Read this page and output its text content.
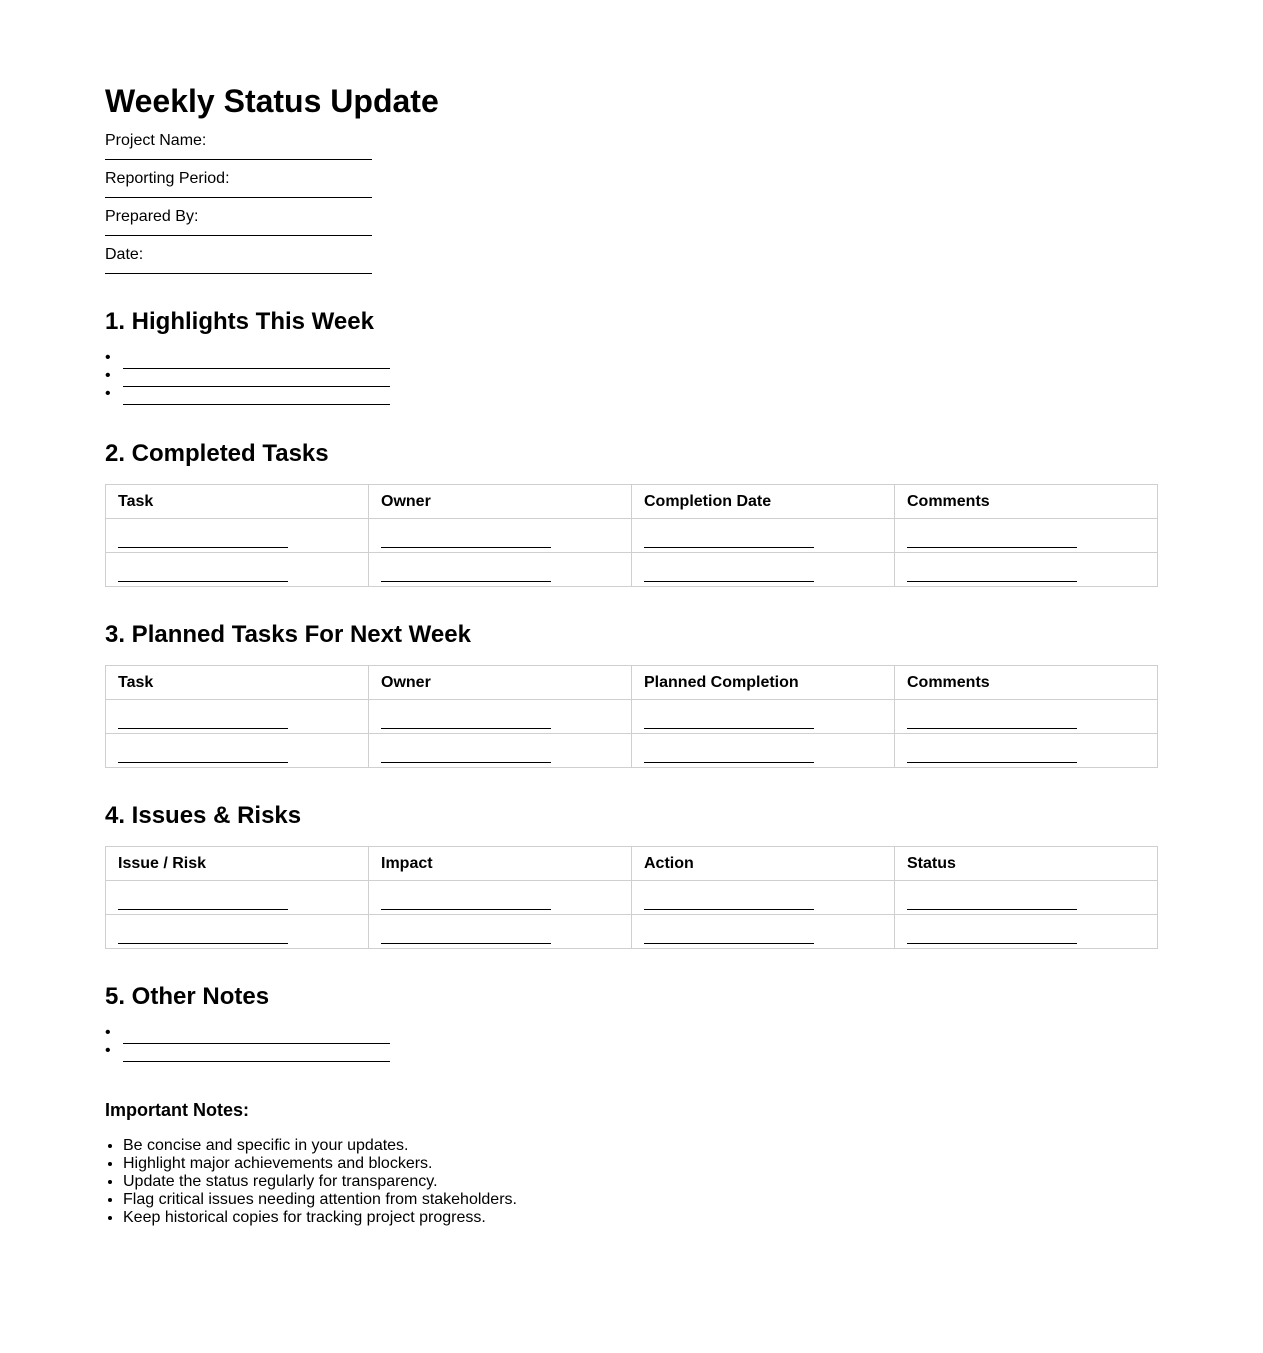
Weekly Status Update
Project Name:
Reporting Period:
Prepared By:
Date:
1. Highlights This Week
•
•
•
2. Completed Tasks
Task	Owner	Completion Date	Comments

3. Planned Tasks For Next Week
Task	Owner	Planned Completion	Comments

4. Issues & Risks
Issue / Risk	Impact	Action	Status

5. Other Notes
•
•
Important Notes:
• Be concise and specific in your updates.
• Highlight major achievements and blockers.
• Update the status regularly for transparency.
• Flag critical issues needing attention from stakeholders.
• Keep historical copies for tracking project progress.
